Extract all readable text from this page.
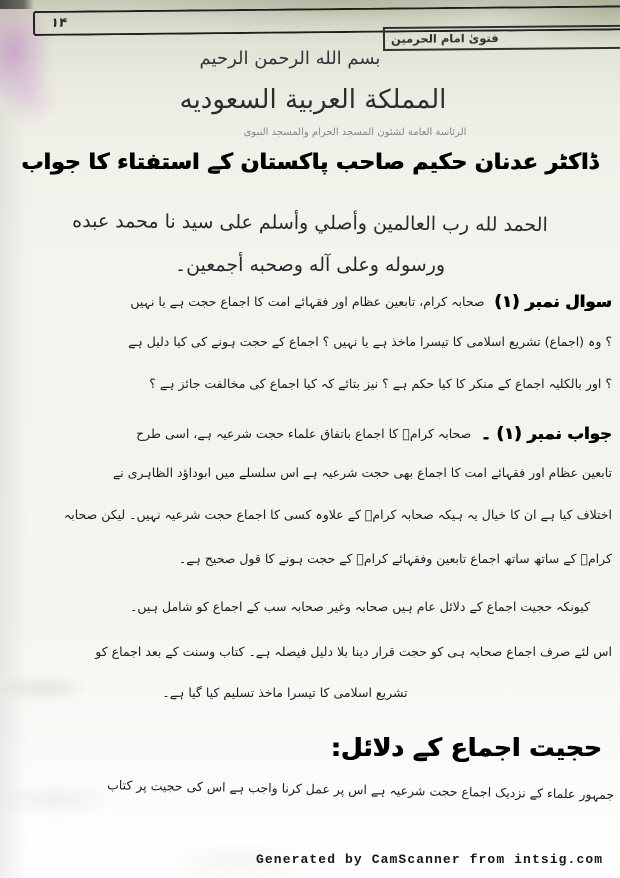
۱۴
فتویٰ امام الحرمین
بسم الله الرحمن الرحيم
المملكة العربية السعوديه
الرئاسة العامة لشئون المسجد الحرام والمسجد النبوی
ڈاکٹر عدنان حکیم صاحب پاکستان کے استفتاء کا جواب
الحمد لله رب العالمين وأصلي وأسلم على سيد نا محمد عبده
ورسوله وعلى آله وصحبه أجمعين۔
سوال نمبر (۱)صحابہ کرام، تابعین عظام اور فقہائے امت کا اجماع حجت ہے یا نہیں
؟ وہ (اجماع) تشریع اسلامی کا تیسرا ماخذ ہے یا نہیں ؟ اجماع کے حجت ہونے کی کیا دلیل ہے
؟ اور بالکلیہ اجماع کے منکر کا کیا حکم ہے ؟ نیز بتائے کہ کیا اجماع کی مخالفت جائز ہے ؟
جواب نمبر (۱) ۔صحابہ کرامؓ کا اجماع باتفاق علماء حجت شرعیہ ہے، اسی طرح
تابعین عظام اور فقہائے امت کا اجماع بھی حجت شرعیہ ہے اس سلسلے میں ابوداؤد الظاہری نے
اختلاف کیا ہے ان کا خیال یہ ہیکہ صحابہ کرامؓ کے علاوہ کسی کا اجماع حجت شرعیہ نہیں۔ لیکن صحابہ
کرامؓ کے ساتھ ساتھ اجماع تابعین وفقہائے کرامؓ کے حجت ہونے کا قول صحیح ہے۔
کیونکہ حجیت اجماع کے دلائل عام ہیں صحابہ وغیر صحابہ سب کے اجماع کو شامل ہیں۔
اس لئے صرف اجماع صحابہ ہی کو حجت قرار دینا بلا دلیل فیصلہ ہے۔ کتاب وسنت کے بعد اجماع کو
تشریع اسلامی کا تیسرا ماخذ تسلیم کیا گیا ہے۔
حجیت اجماع کے دلائل:
جمہور علماء کے نزدیک اجماع حجت شرعیہ ہے اس پر عمل کرنا واجب ہے اس کی حجیت پر کتاب
Generated by CamScanner from intsig.com
